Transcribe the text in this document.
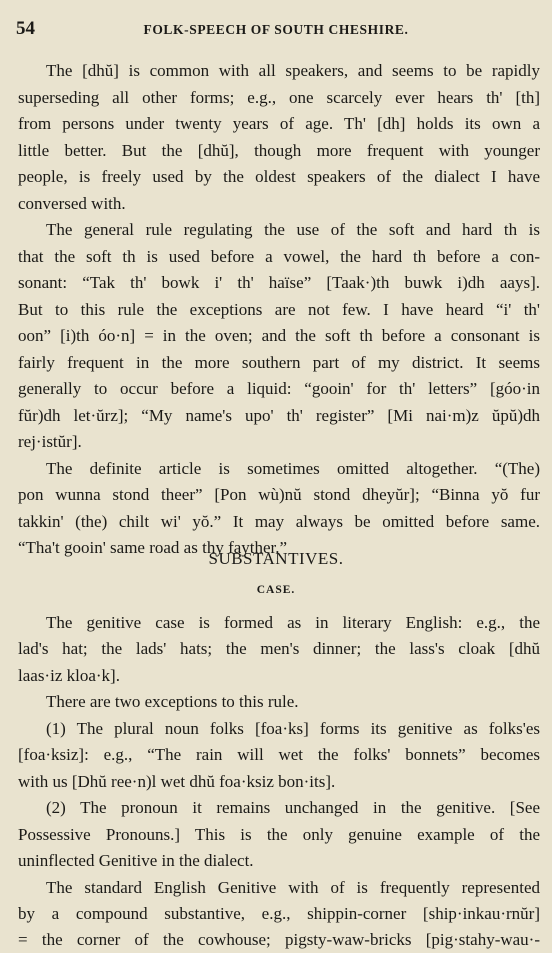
54	FOLK-SPEECH OF SOUTH CHESHIRE.
The [dhŭ] is common with all speakers, and seems to be rapidly
superseding all other forms; e.g., one scarcely ever hears th' [th]
from persons under twenty years of age. Th' [dh] holds its own a
little better. But the [dhŭ], though more frequent with younger
people, is freely used by the oldest speakers of the dialect I have
conversed with.
The general rule regulating the use of the soft and hard th is
that the soft th is used before a vowel, the hard th before a con-
sonant: “Tak th' bowk i' th' haïse” [Taak·)th buwk i)dh aays].
But to this rule the exceptions are not few. I have heard “i' th'
oon” [i)th óo·n] = in the oven; and the soft th before a consonant is
fairly frequent in the more southern part of my district. It seems
generally to occur before a liquid: “gooin' for th' letters” [góo·in
fŭr)dh let·ŭrz]; “My name's upo' th' register” [Mi nai·m)z ŭpŭ)dh
rej·istŭr].
The definite article is sometimes omitted altogether. “(The)
pon wunna stond theer” [Pon wù)nŭ stond dheyŭr]; “Binna yŏ fur
takkin' (the) chilt wi' yŏ.” It may always be omitted before same.
“Tha't gooin' same road as thy fayther.”
SUBSTANTIVES.
CASE.
The genitive case is formed as in literary English: e.g., the
lad's hat; the lads' hats; the men's dinner; the lass's cloak [dhŭ
laas·iz kloa·k].
There are two exceptions to this rule.
(1) The plural noun folks [foa·ks] forms its genitive as folks'es
[foa·ksiz]: e.g., “The rain will wet the folks' bonnets” becomes
with us [Dhŭ ree·n)l wet dhŭ foa·ksiz bon·its].
(2) The pronoun it remains unchanged in the genitive. [See
Possessive Pronouns.] This is the only genuine example of the
uninflected Genitive in the dialect.
The standard English Genitive with of is frequently represented
by a compound substantive, e.g., shippin-corner [ship·inkau·rnŭr]
= the corner of the cowhouse; pigsty-waw-bricks [pig·stahy-wau·-
